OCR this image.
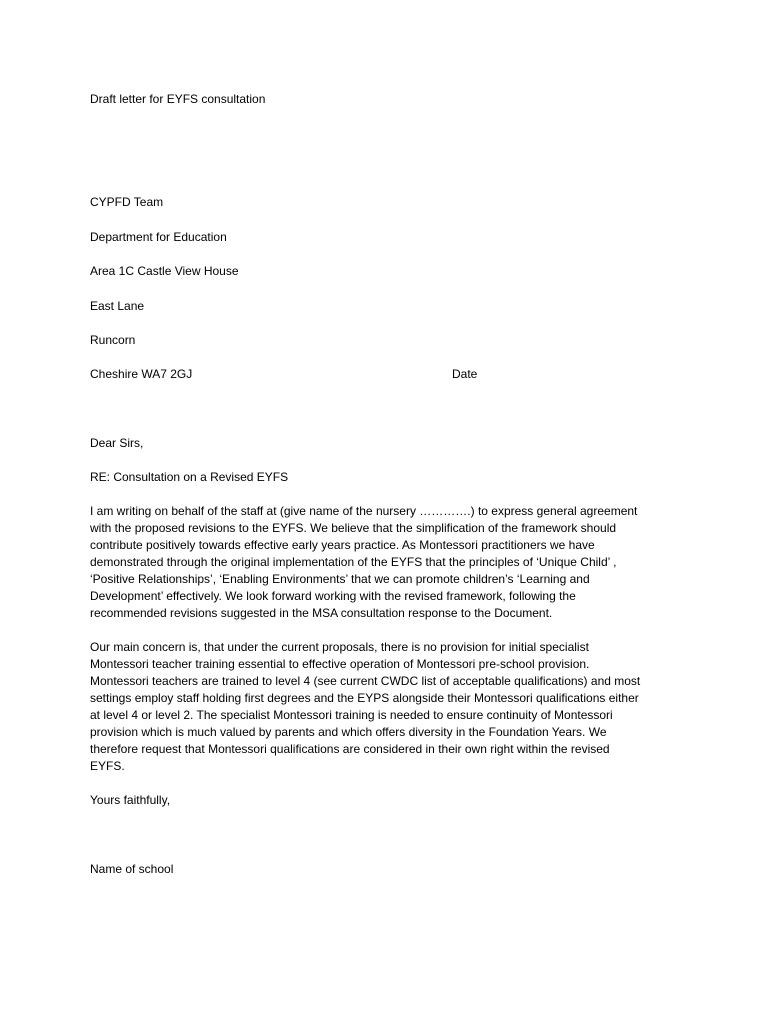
Draft letter for EYFS consultation

CYPFD Team

Department for Education

Area 1C Castle View House

East Lane

Runcorn

Cheshire WA7 2GJ	Date

Dear Sirs,

RE: Consultation on a Revised EYFS

I am writing on behalf of the staff at (give name of the nursery ………….) to express general agreement
with the proposed revisions to the EYFS. We believe that the simplification of the framework should
contribute positively towards effective early years practice. As Montessori practitioners we have
demonstrated through the original implementation of the EYFS that the principles of ‘Unique Child’ ,
‘Positive Relationships’, ‘Enabling Environments’ that we can promote children’s ‘Learning and
Development’ effectively. We look forward working with the revised framework, following the
recommended revisions suggested in the MSA consultation response to the Document.
Our main concern is, that under the current proposals, there is no provision for initial specialist
Montessori teacher training essential to effective operation of Montessori pre-school provision.
Montessori teachers are trained to level 4 (see current CWDC list of acceptable qualifications) and most
settings employ staff holding first degrees and the EYPS alongside their Montessori qualifications either
at level 4 or level 2. The specialist Montessori training is needed to ensure continuity of Montessori
provision which is much valued by parents and which offers diversity in the Foundation Years. We
therefore request that Montessori qualifications are considered in their own right within the revised
EYFS.

Yours faithfully,

Name of school
